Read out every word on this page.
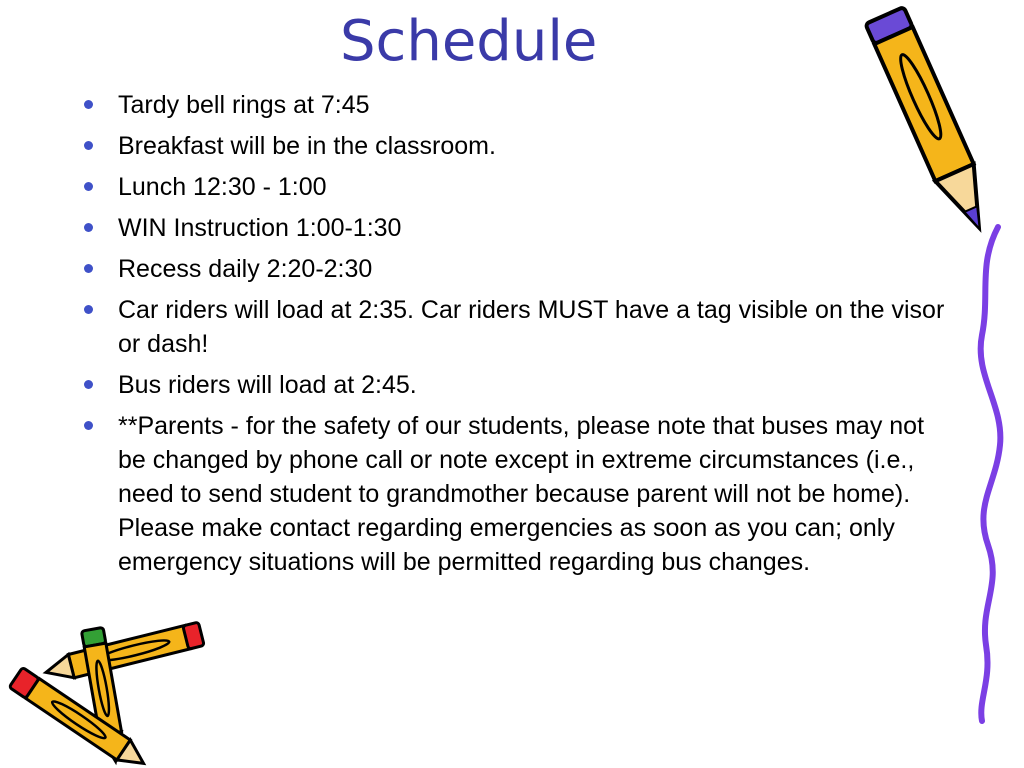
Schedule
Tardy bell rings at 7:45
Breakfast will be in the classroom.
Lunch 12:30 - 1:00
WIN Instruction 1:00-1:30
Recess daily 2:20-2:30
Car riders will load at 2:35. Car riders MUST have a tag visible on the visor or dash!
Bus riders will load at 2:45.
**Parents - for the safety of our students, please note that buses may not be changed by phone call or note except in extreme circumstances (i.e., need to send student to grandmother because parent will not be home). Please make contact regarding emergencies as soon as you can; only emergency situations will be permitted regarding bus changes.
